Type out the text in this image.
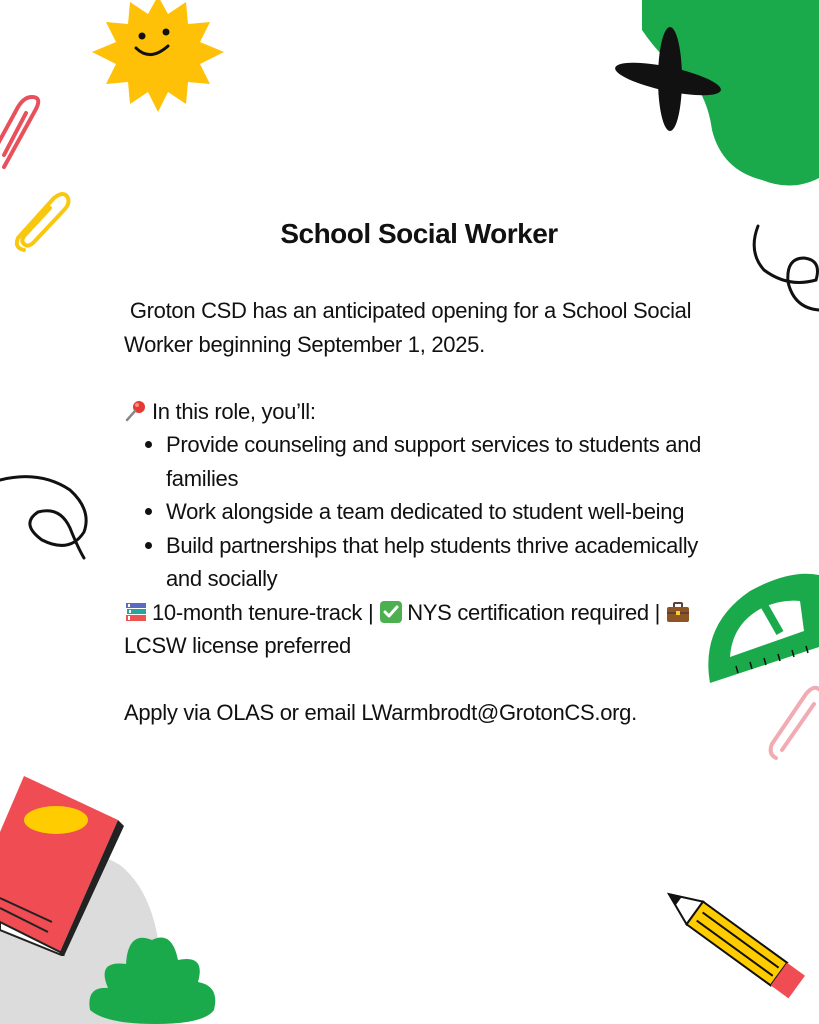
School Social Worker

Groton CSD has an anticipated opening for a School Social Worker beginning September 1, 2025.

In this role, you’ll:

Provide counseling and support services to students and families
Work alongside a team dedicated to student well-being
Build partnerships that help students thrive academically and socially

10-month tenure-track |
NYS certification required |
LCSW license preferred

Apply via OLAS or email LWarmbrodt@GrotonCS.org.
